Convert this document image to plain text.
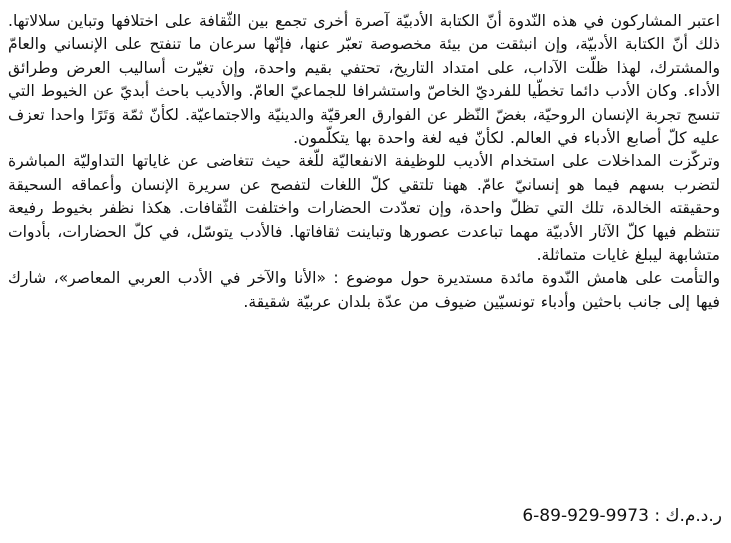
اعتبر المشاركون في هذه النّدوة أنّ الكتابة الأدبيّة آصرة أخرى تجمع بين الثّقافة على اختلافها وتباين سلالاتها. ذلك أنّ الكتابة الأدبيّة، وإن انبثقت من بيئة مخصوصة تعبّر عنها، فإنّها سرعان ما تنفتح على الإنساني والعامّ والمشترك، لهذا ظلّت الآداب، على امتداد التاريخ، تحتفي بقيم واحدة، وإن تغيّرت أساليب العرض وطرائق الأداء. وكان الأدب دائما تخطّيا للفرديّ الخاصّ واستشرافا للجماعيّ العامّ. والأديب باحث أبديّ عن الخيوط التي تنسج تجربة الإنسان الروحيّة، بغضّ النّظر عن الفوارق العرقيّة والدينيّة والاجتماعيّة. لكأنّ ثمّة وَتَرًا واحدا تعزف عليه كلّ أصابع الأدباء في العالم. لكأنّ فيه لغة واحدة بها يتكلّمون.

وتركّزت المداخلات على استخدام الأديب للوظيفة الانفعاليّة للّغة حيث تتغاضى عن غاياتها التداوليّة المباشرة لتضرب بسهم فيما هو إنسانيّ عامّ. ههنا تلتقي كلّ اللغات لتفصح عن سريرة الإنسان وأعماقه السحيقة وحقيقته الخالدة، تلك التي تظلّ واحدة، وإن تعدّدت الحضارات واختلفت الثّقافات. هكذا نظفر بخيوط رفيعة تنتظم فيها كلّ الآثار الأدبيّة مهما تباعدت عصورها وتباينت ثقافاتها. فالأدب يتوسّل، في كلّ الحضارات، بأدوات متشابهة ليبلغ غايات متماثلة.

والتأمت على هامش النّدوة مائدة مستديرة حول موضوع : «الأنا والآخر في الأدب العربي المعاصر»، شارك فيها إلى جانب باحثين وأدباء تونسيّين ضيوف من عدّة بلدان عربيّة شقيقة.

ر.د.م.ك : 6-89-929-9973
